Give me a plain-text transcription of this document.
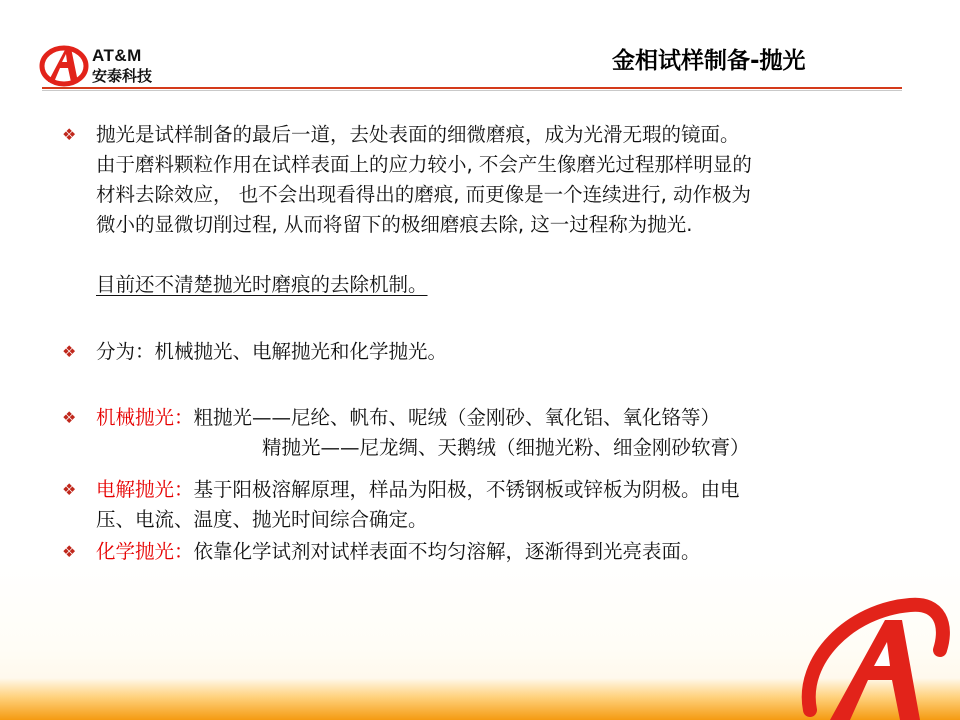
AT&M
安泰科技
金相试样制备-抛光
❖ 抛光是试样制备的最后一道，去处表面的细微磨痕，成为光滑无瑕的镜面。
由于磨料颗粒作用在试样表面上的应力较小, 不会产生像磨光过程那样明显的
材料去除效应， 也不会出现看得出的磨痕, 而更像是一个连续进行, 动作极为
微小的显微切削过程, 从而将留下的极细磨痕去除, 这一过程称为抛光.
目前还不清楚抛光时磨痕的去除机制。
❖ 分为：机械抛光、电解抛光和化学抛光。
❖ 机械抛光：粗抛光——尼纶、帆布、呢绒（金刚砂、氧化铝、氧化铬等）
精抛光——尼龙绸、天鹅绒（细抛光粉、细金刚砂软膏）
❖ 电解抛光：基于阳极溶解原理，样品为阳极，不锈钢板或锌板为阴极。由电
压、电流、温度、抛光时间综合确定。
❖ 化学抛光：依靠化学试剂对试样表面不均匀溶解，逐渐得到光亮表面。
